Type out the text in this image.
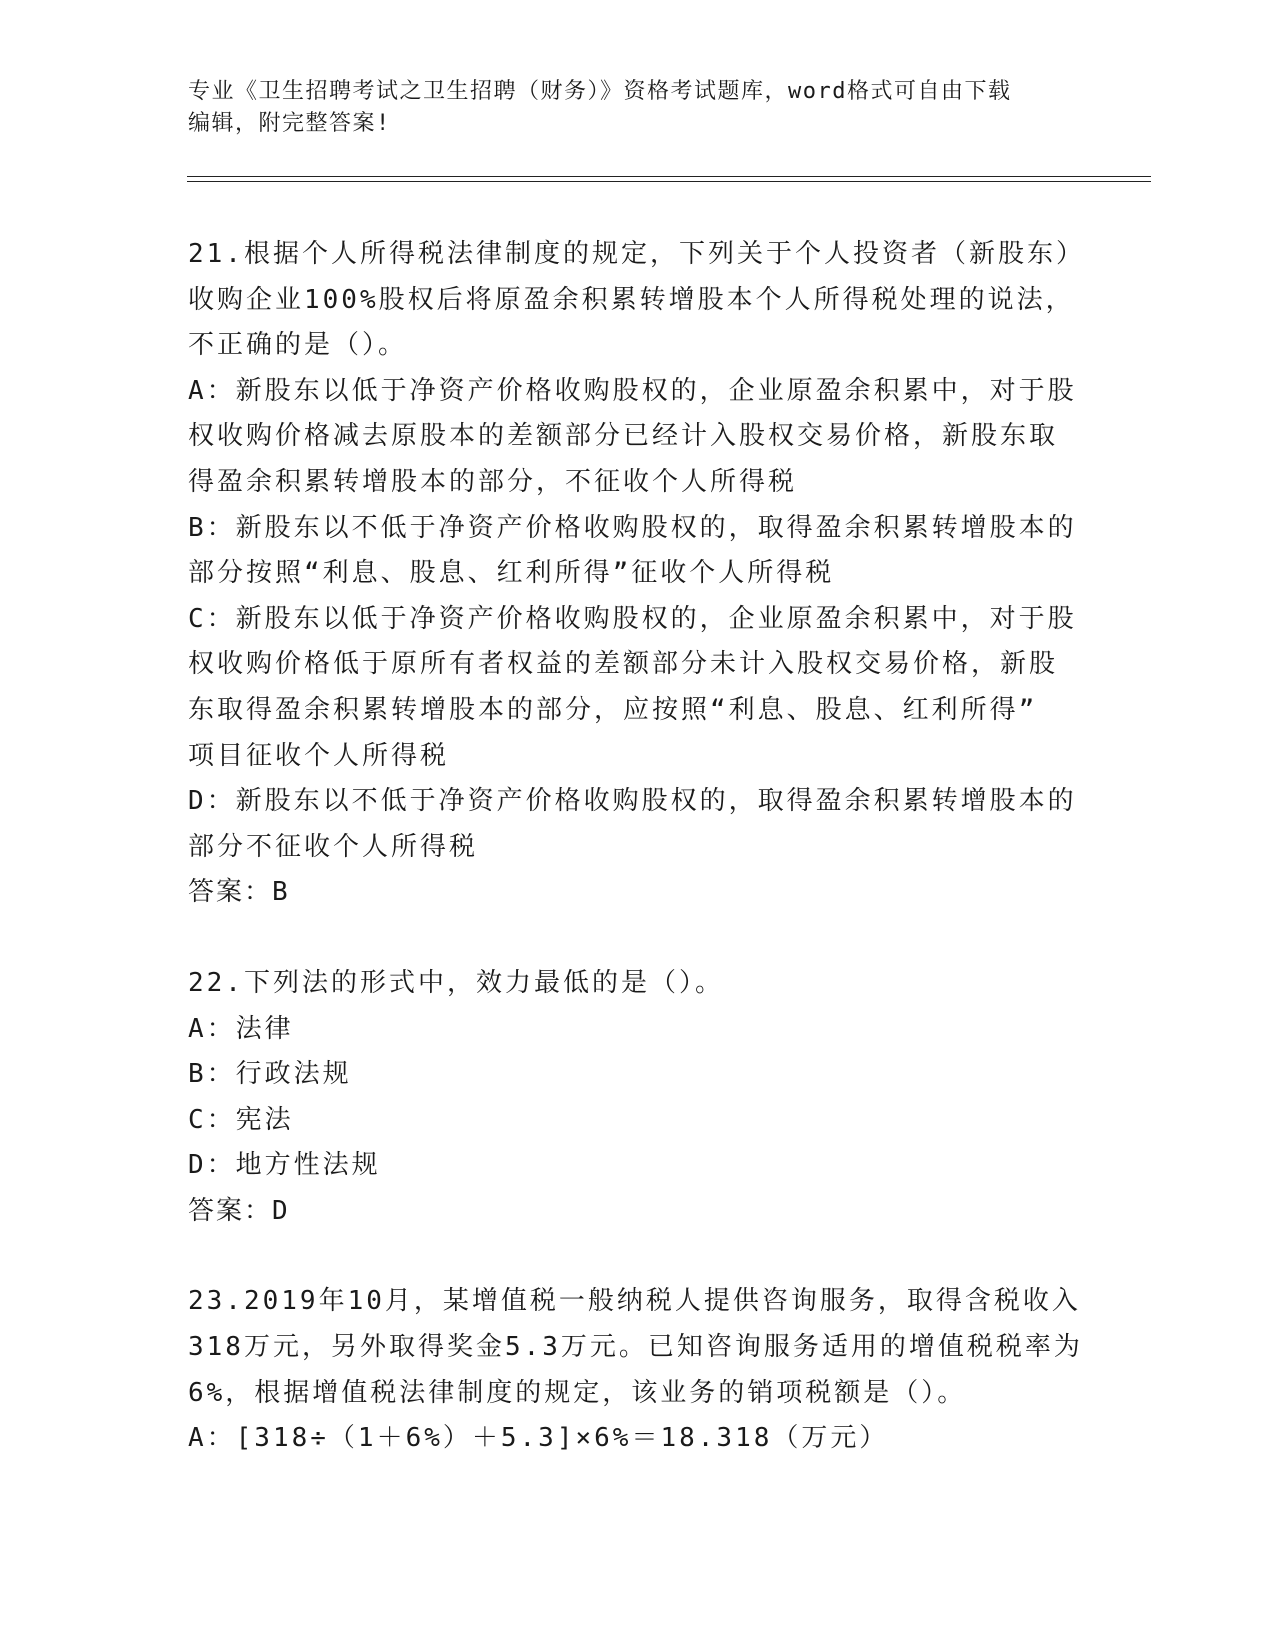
专业《卫生招聘考试之卫生招聘（财务）》资格考试题库，word格式可自由下载
编辑，附完整答案!

21.根据个人所得税法律制度的规定，下列关于个人投资者（新股东）

收购企业100%股权后将原盈余积累转增股本个人所得税处理的说法，

不正确的是（）。

A：新股东以低于净资产价格收购股权的，企业原盈余积累中，对于股

权收购价格减去原股本的差额部分已经计入股权交易价格，新股东取

得盈余积累转增股本的部分，不征收个人所得税

B：新股东以不低于净资产价格收购股权的，取得盈余积累转增股本的

部分按照“利息、股息、红利所得”征收个人所得税

C：新股东以低于净资产价格收购股权的，企业原盈余积累中，对于股

权收购价格低于原所有者权益的差额部分未计入股权交易价格，新股

东取得盈余积累转增股本的部分，应按照“利息、股息、红利所得”

项目征收个人所得税

D：新股东以不低于净资产价格收购股权的，取得盈余积累转增股本的

部分不征收个人所得税

答案：B

22.下列法的形式中，效力最低的是（）。

A：法律

B：行政法规

C：宪法

D：地方性法规

答案：D

23.2019年10月，某增值税一般纳税人提供咨询服务，取得含税收入

318万元，另外取得奖金5.3万元。已知咨询服务适用的增值税税率为

6%，根据增值税法律制度的规定，该业务的销项税额是（）。

A：[318÷（1＋6%）＋5.3]×6%＝18.318（万元）
